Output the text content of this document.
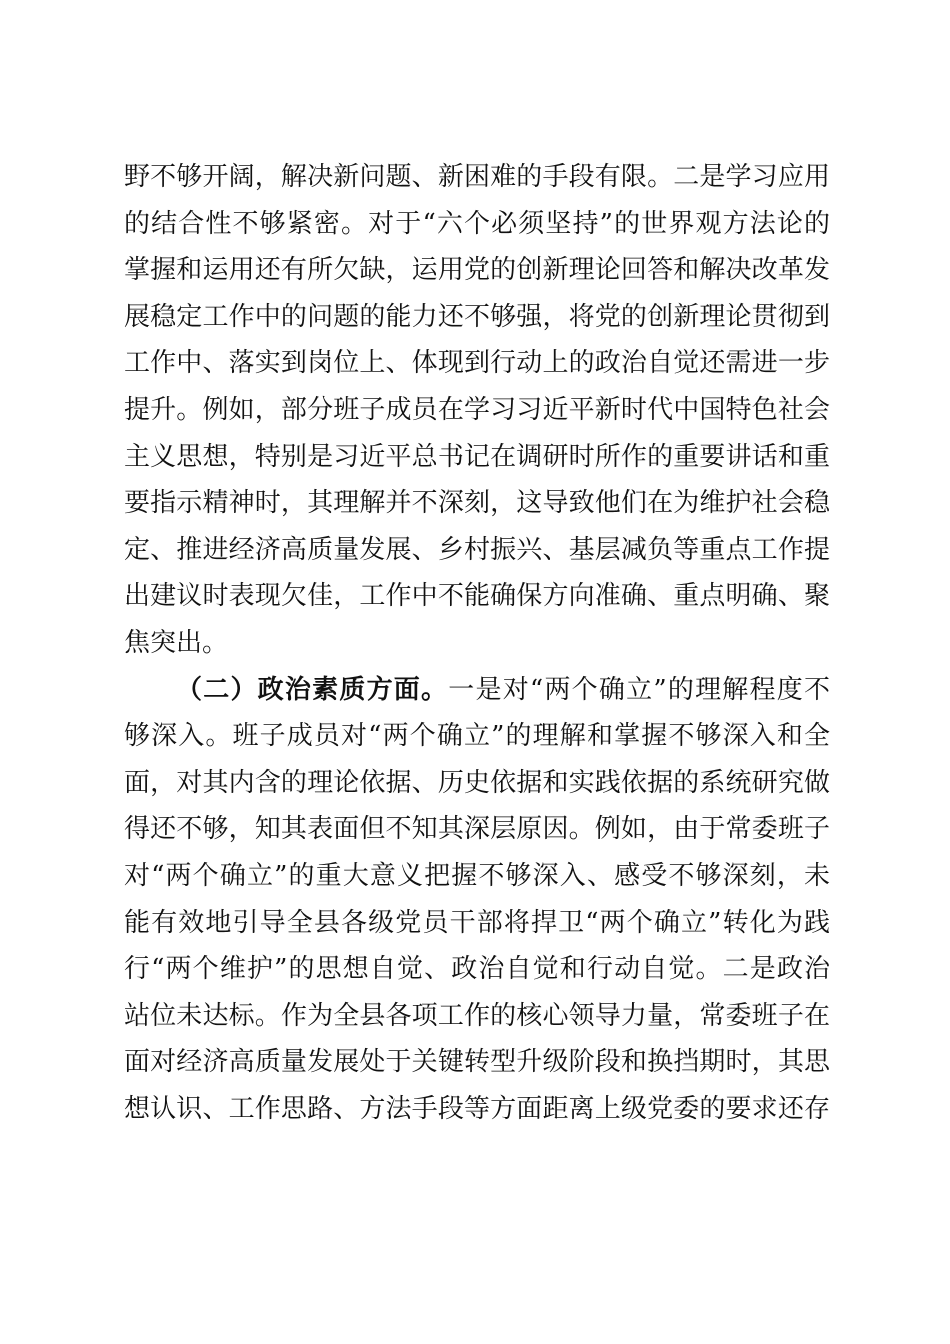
野不够开阔，解决新问题、新困难的手段有限。二是学习应用
的结合性不够紧密。对于“六个必须坚持”的世界观方法论的
掌握和运用还有所欠缺，运用党的创新理论回答和解决改革发
展稳定工作中的问题的能力还不够强，将党的创新理论贯彻到
工作中、落实到岗位上、体现到行动上的政治自觉还需进一步
提升。例如，部分班子成员在学习习近平新时代中国特色社会
主义思想，特别是习近平总书记在调研时所作的重要讲话和重
要指示精神时，其理解并不深刻，这导致他们在为维护社会稳
定、推进经济高质量发展、乡村振兴、基层减负等重点工作提
出建议时表现欠佳，工作中不能确保方向准确、重点明确、聚
焦突出。
（二）政治素质方面。一是对“两个确立”的理解程度不
够深入。班子成员对“两个确立”的理解和掌握不够深入和全
面，对其内含的理论依据、历史依据和实践依据的系统研究做
得还不够，知其表面但不知其深层原因。例如，由于常委班子
对“两个确立”的重大意义把握不够深入、感受不够深刻，未
能有效地引导全县各级党员干部将捍卫“两个确立”转化为践
行“两个维护”的思想自觉、政治自觉和行动自觉。二是政治
站位未达标。作为全县各项工作的核心领导力量，常委班子在
面对经济高质量发展处于关键转型升级阶段和换挡期时，其思
想认识、工作思路、方法手段等方面距离上级党委的要求还存
